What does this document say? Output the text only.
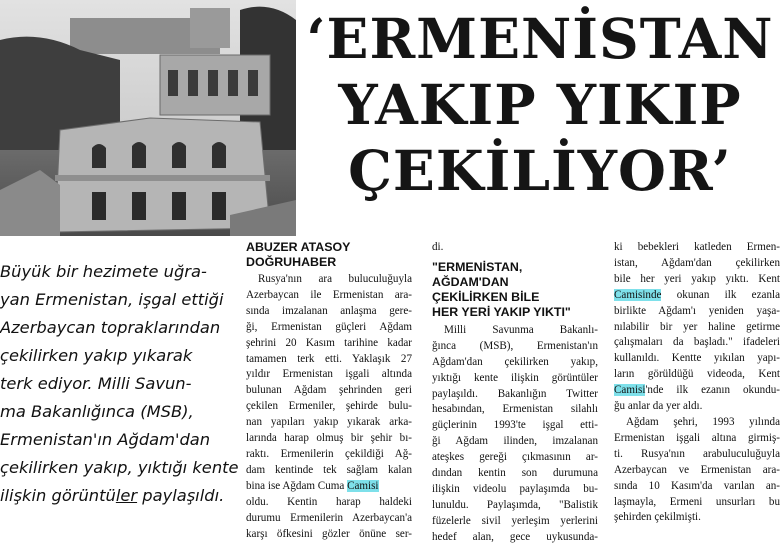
‘ERMENİSTAN
YAKIP YIKIP
ÇEKİLİYOR’

Büyük bir hezimete uğra-
yan Ermenistan, işgal ettiği
Azerbaycan topraklarından
çekilirken yakıp yıkarak
terk ediyor. Milli Savun-
ma Bakanlığınca (MSB),
Ermenistan'ın Ağdam'dan
çekilirken yakıp, yıktığı kente
ilişkin görüntüler paylaşıldı.

ABUZER ATASOY
DOĞRUHABER
Rusya'nın ara buluculuğuyla
Azerbaycan ile Ermenistan ara-
sında imzalanan anlaşma gere-
ği, Ermenistan güçleri Ağdam
şehrini 20 Kasım tarihine kadar
tamamen terk etti. Yaklaşık 27
yıldır Ermenistan işgali altında
bulunan Ağdam şehrinden geri
çekilen Ermeniler, şehirde bulu-
nan yapıları yakıp yıkarak arka-
larında harap olmuş bir şehir bı-
raktı. Ermenilerin çekildiği Ağ-
dam kentinde tek sağlam kalan
bina ise Ağdam Cuma Camisi
oldu. Kentin harap haldeki
durumu Ermenilerin Azerbaycan'a
karşı öfkesini gözler önüne ser-
di.
"ERMENİSTAN,
AĞDAM'DAN
ÇEKİLİRKEN BİLE
HER YERİ YAKIP YIKTI"
Milli Savunma Bakanlı-
ğınca (MSB), Ermenistan'ın
Ağdam'dan çekilirken yakıp,
yıktığı kente ilişkin görüntüler
paylaşıldı. Bakanlığın Twitter
hesabından, Ermenistan silahlı
güçlerinin 1993'te işgal etti-
ği Ağdam ilinden, imzalanan
ateşkes gereği çıkmasının ar-
dından kentin son durumuna
ilişkin videolu paylaşımda bu-
lunuldu. Paylaşımda, "Balistik
füzelerle sivil yerleşim yerlerini
hedef alan, gece uykusunda-
ki bebekleri katleden Ermen-
istan, Ağdam'dan çekilirken
bile her yeri yakıp yıktı. Kent
Camisinde okunan ilk ezanla
birlikte Ağdam'ı yeniden yaşa-
nılabilir bir yer haline getirme
çalışmaları da başladı." ifadeleri
kullanıldı. Kentte yıkılan yapı-
ların görüldüğü videoda, Kent
Camisi'nde ilk ezanın okundu-
ğu anlar da yer aldı.
Ağdam şehri, 1993 yılında
Ermenistan işgali altına girmiş-
ti. Rusya'nın arabuluculuğuyla
Azerbaycan ve Ermenistan ara-
sında 10 Kasım'da varılan an-
laşmayla, Ermeni unsurları bu
şehirden çekilmişti.
